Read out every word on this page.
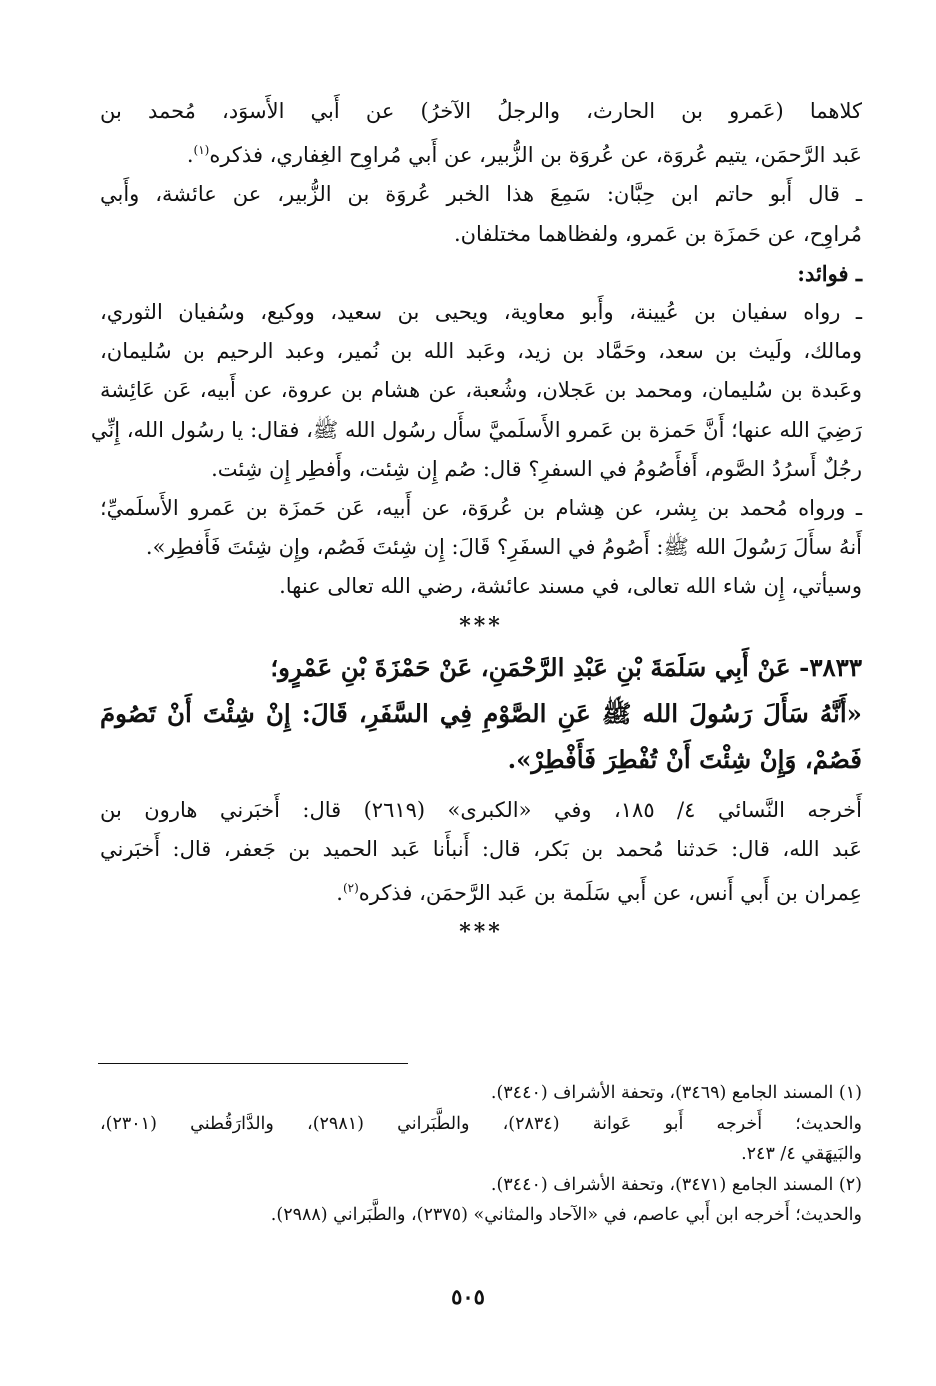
كلاهما (عَمرو بن الحارث، والرجلُ الآخرُ) عن أَبي الأَسوَد، مُحمد بن
عَبد الرَّحمَن، يتيم عُروَة، عن عُروَة بن الزُّبير، عن أَبي مُراوِح الغِفاري، فذكره$^{(١)}$.
ـ قال أَبو حاتم ابن حِبَّان: سَمِعَ هذا الخبر عُروَة بن الزُّبير، عن عائشة، وأَبي
مُراوِح، عن حَمزَة بن عَمرو، ولفظاهما مختلفان.
ـ فوائد:
ـ رواه سفيان بن عُيينة، وأَبو معاوية، ويحيى بن سعيد، ووكيع، وسُفيان الثوري،
ومالك، ولَيث بن سعد، وحَمَّاد بن زيد، وعَبد الله بن نُمير، وعبد الرحيم بن سُليمان،
وعَبدة بن سُليمان، ومحمد بن عَجلان، وشُعبة، عن هشام بن عروة، عن أَبيه، عَن عَائِشة
رَضِيَ الله عنها؛ أَنَّ حَمزة بن عَمرو الأَسلَميَّ سأَل رسُول الله ﷺ، فقال: يا رسُول الله، إِنِّي
رجُلٌ أَسرُدُ الصَّوم، أَفأَصُومُ في السفرِ؟ قال: صُم إِن شِئت، وأَفطِر إِن شِئت.
ـ ورواه مُحمد بن بِشر، عن هِشام بن عُروَة، عن أَبيه، عَن حَمزَة بن عَمرو الأَسلَميِّ؛
أَنهُ سأَلَ رَسُولَ الله ﷺ: أَصُومُ في السفَرِ؟ قَالَ: إِن شِئتَ فَصُم، وإِن شِئتَ فَأَفطِر».
وسيأتي، إِن شاء الله تعالى، في مسند عائشة، رضي الله تعالى عنها.
***
٣٨٣٣- عَنْ أَبِي سَلَمَةَ بْنِ عَبْدِ الرَّحْمَنِ، عَنْ حَمْزَةَ بْنِ عَمْرٍو؛
«أَنَّهُ سَأَلَ رَسُولَ الله ﷺ عَنِ الصَّوْمِ فِي السَّفَرِ، قَالَ: إِنْ شِئْتَ أَنْ تَصُومَ
فَصُمْ، وَإِنْ شِئْتَ أَنْ تُفْطِرَ فَأَفْطِرْ».
أَخرجه النَّسائي ٤/ ١٨٥، وفي «الكبرى» (٢٦١٩) قال: أَخبَرني هارون بن
عَبد الله، قال: حَدثنا مُحمد بن بَكر، قال: أَنبأَنا عَبد الحميد بن جَعفر، قال: أَخبَرني
عِمران بن أَبي أَنس، عن أَبي سَلَمة بن عَبد الرَّحمَن، فذكره$^{(٢)}$.
***
(١) المسند الجامع (٣٤٦٩)، وتحفة الأشراف (٣٤٤٠).
والحديث؛ أَخرجه أَبو عَوانة (٢٨٣٤)، والطَّبَراني (٢٩٨١)، والدَّارَقُطني (٢٣٠١)،
والبَيهَقي ٤/ ٢٤٣.
(٢) المسند الجامع (٣٤٧١)، وتحفة الأشراف (٣٤٤٠).
والحديث؛ أَخرجه ابن أَبي عاصم، في «الآحاد والمثاني» (٢٣٧٥)، والطَّبَراني (٢٩٨٨).
٥٠٥
